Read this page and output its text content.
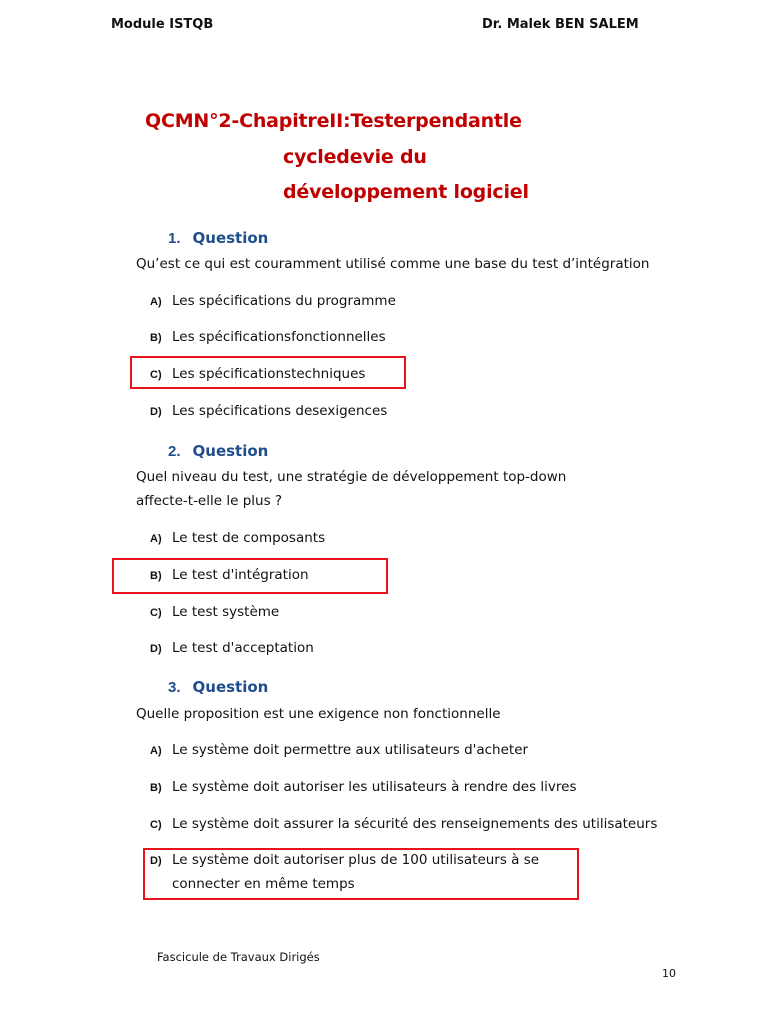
Module ISTQB	Dr. Malek BEN SALEM
QCMN°2-ChapitreII:Testerpendantle
cycledevie du
développement logiciel
1. Question
Qu’est ce qui est couramment utilisé comme une base du test d’intégration
A) Les spécifications du programme
B) Les spécificationsfonctionnelles
C) Les spécificationstechniques
D) Les spécifications desexigences
2. Question
Quel niveau du test, une stratégie de développement top-down
affecte-t-elle le plus ?
A) Le test de composants
B) Le test d'intégration
C) Le test système
D) Le test d'acceptation
3. Question
Quelle proposition est une exigence non fonctionnelle
A) Le système doit permettre aux utilisateurs d'acheter
B) Le système doit autoriser les utilisateurs à rendre des livres
C) Le système doit assurer la sécurité des renseignements des utilisateurs
D) Le système doit autoriser plus de 100 utilisateurs à se
connecter en même temps
Fascicule de Travaux Dirigés
10
